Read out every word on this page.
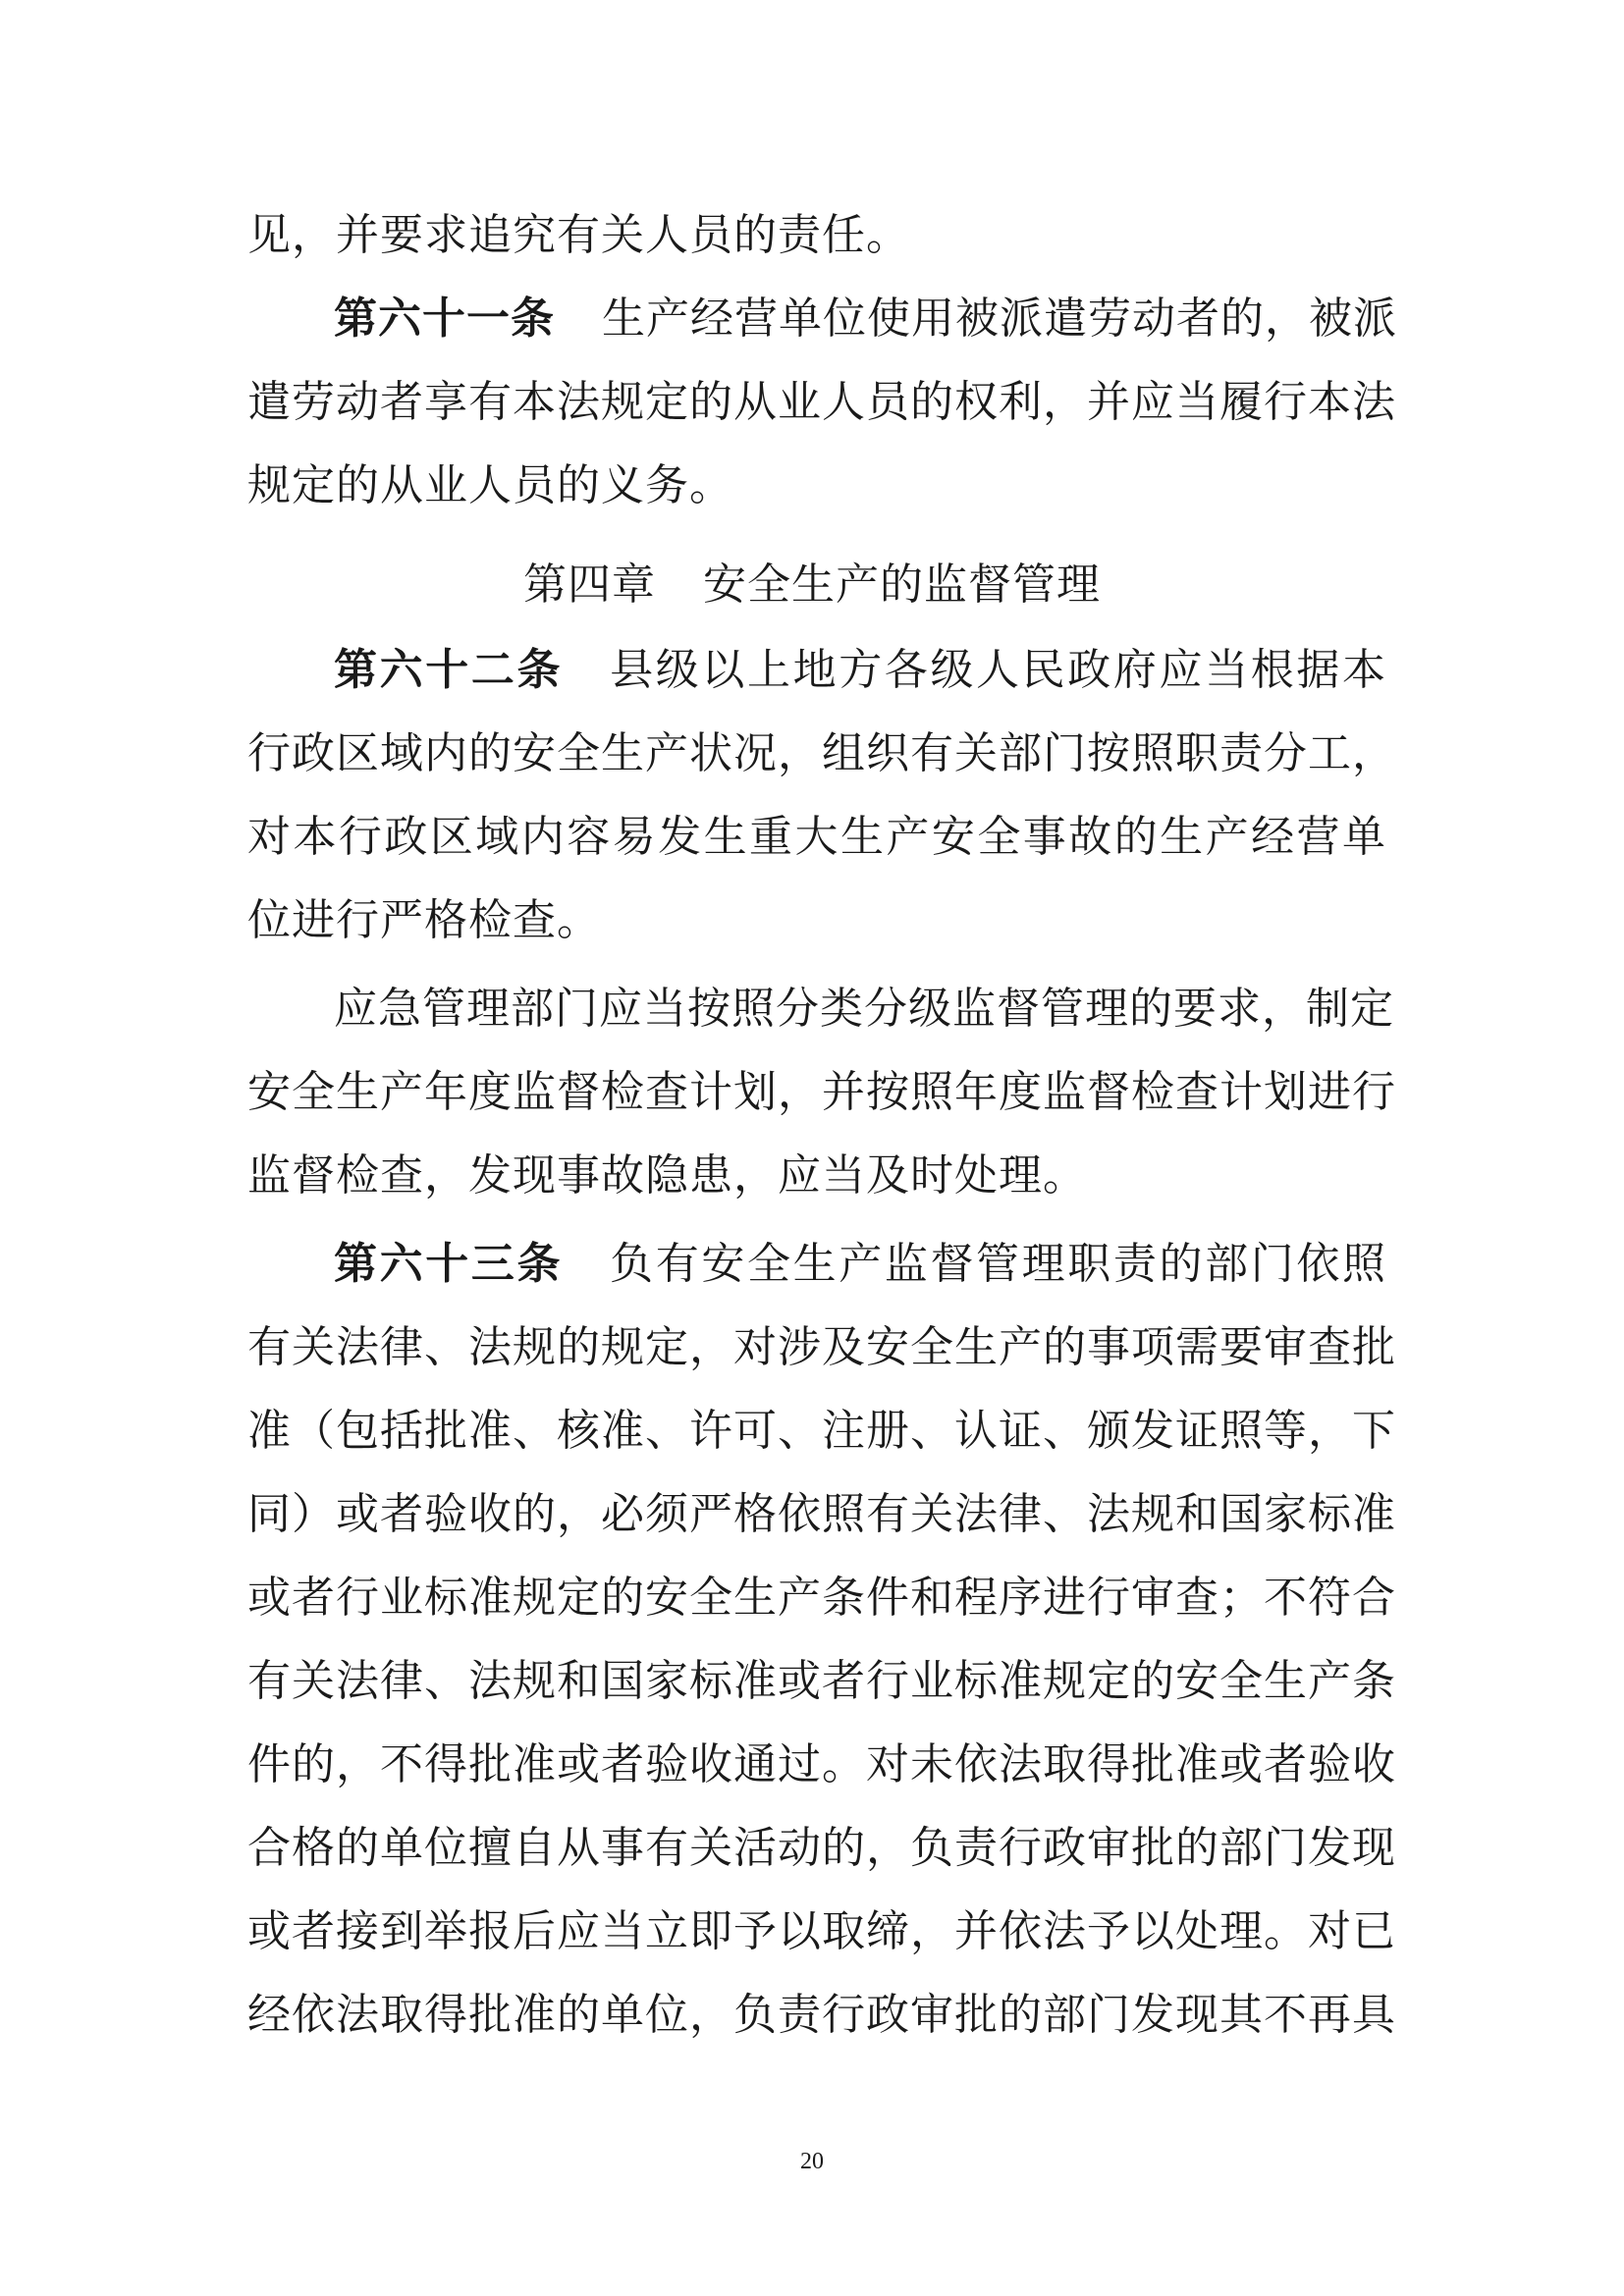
见，并要求追究有关人员的责任。
第六十一条 生产经营单位使用被派遣劳动者的，被派
遣劳动者享有本法规定的从业人员的权利，并应当履行本法
规定的从业人员的义务。
第四章 安全生产的监督管理
第六十二条 县级以上地方各级人民政府应当根据本
行政区域内的安全生产状况，组织有关部门按照职责分工，
对本行政区域内容易发生重大生产安全事故的生产经营单
位进行严格检查。
应急管理部门应当按照分类分级监督管理的要求，制定
安全生产年度监督检查计划，并按照年度监督检查计划进行
监督检查，发现事故隐患，应当及时处理。
第六十三条 负有安全生产监督管理职责的部门依照
有关法律、法规的规定，对涉及安全生产的事项需要审查批
准（包括批准、核准、许可、注册、认证、颁发证照等，下
同）或者验收的，必须严格依照有关法律、法规和国家标准
或者行业标准规定的安全生产条件和程序进行审查；不符合
有关法律、法规和国家标准或者行业标准规定的安全生产条
件的，不得批准或者验收通过。对未依法取得批准或者验收
合格的单位擅自从事有关活动的，负责行政审批的部门发现
或者接到举报后应当立即予以取缔，并依法予以处理。对已
经依法取得批准的单位，负责行政审批的部门发现其不再具
20
